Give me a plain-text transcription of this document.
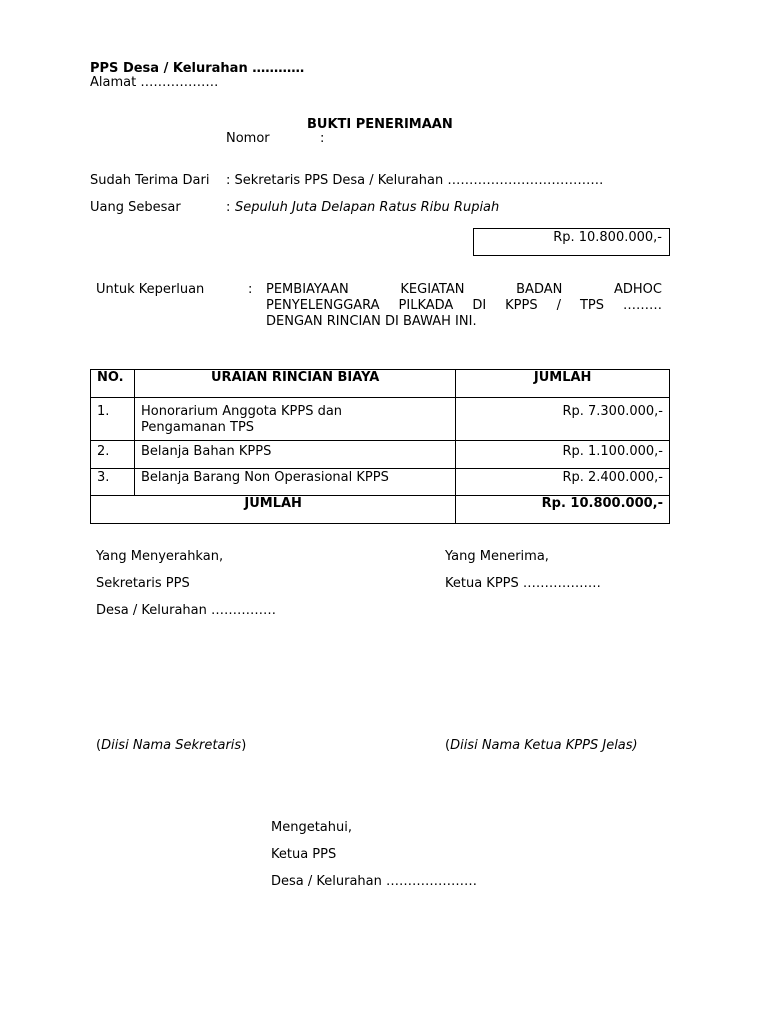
PPS Desa / Kelurahan …………
Alamat ………………
BUKTI PENERIMAAN
Nomor	:
Sudah Terima Dari : Sekretaris PPS Desa / Kelurahan ………………………………
Uang Sebesar	: Sepuluh Juta Delapan Ratus Ribu Rupiah
Rp. 10.800.000,-
Untuk Keperluan	: PEMBIAYAAN KEGIATAN BADAN ADHOC
PENYELENGGARA PILKADA DI KPPS / TPS ………
DENGAN RINCIAN DI BAWAH INI.
NO.	URAIAN RINCIAN BIAYA	JUMLAH
1.	Honorarium Anggota KPPS dan
Pengamanan TPS	Rp. 7.300.000,-
2.	Belanja Bahan KPPS	Rp. 1.100.000,-
3.	Belanja Barang Non Operasional KPPS	Rp. 2.400.000,-
JUMLAH		Rp. 10.800.000,-
Yang Menyerahkan,
Sekretaris PPS
Desa / Kelurahan ……………
Yang Menerima,
Ketua KPPS ………………
(Diisi Nama Sekretaris)	(Diisi Nama Ketua KPPS Jelas)
Mengetahui,
Ketua PPS
Desa / Kelurahan …………………
